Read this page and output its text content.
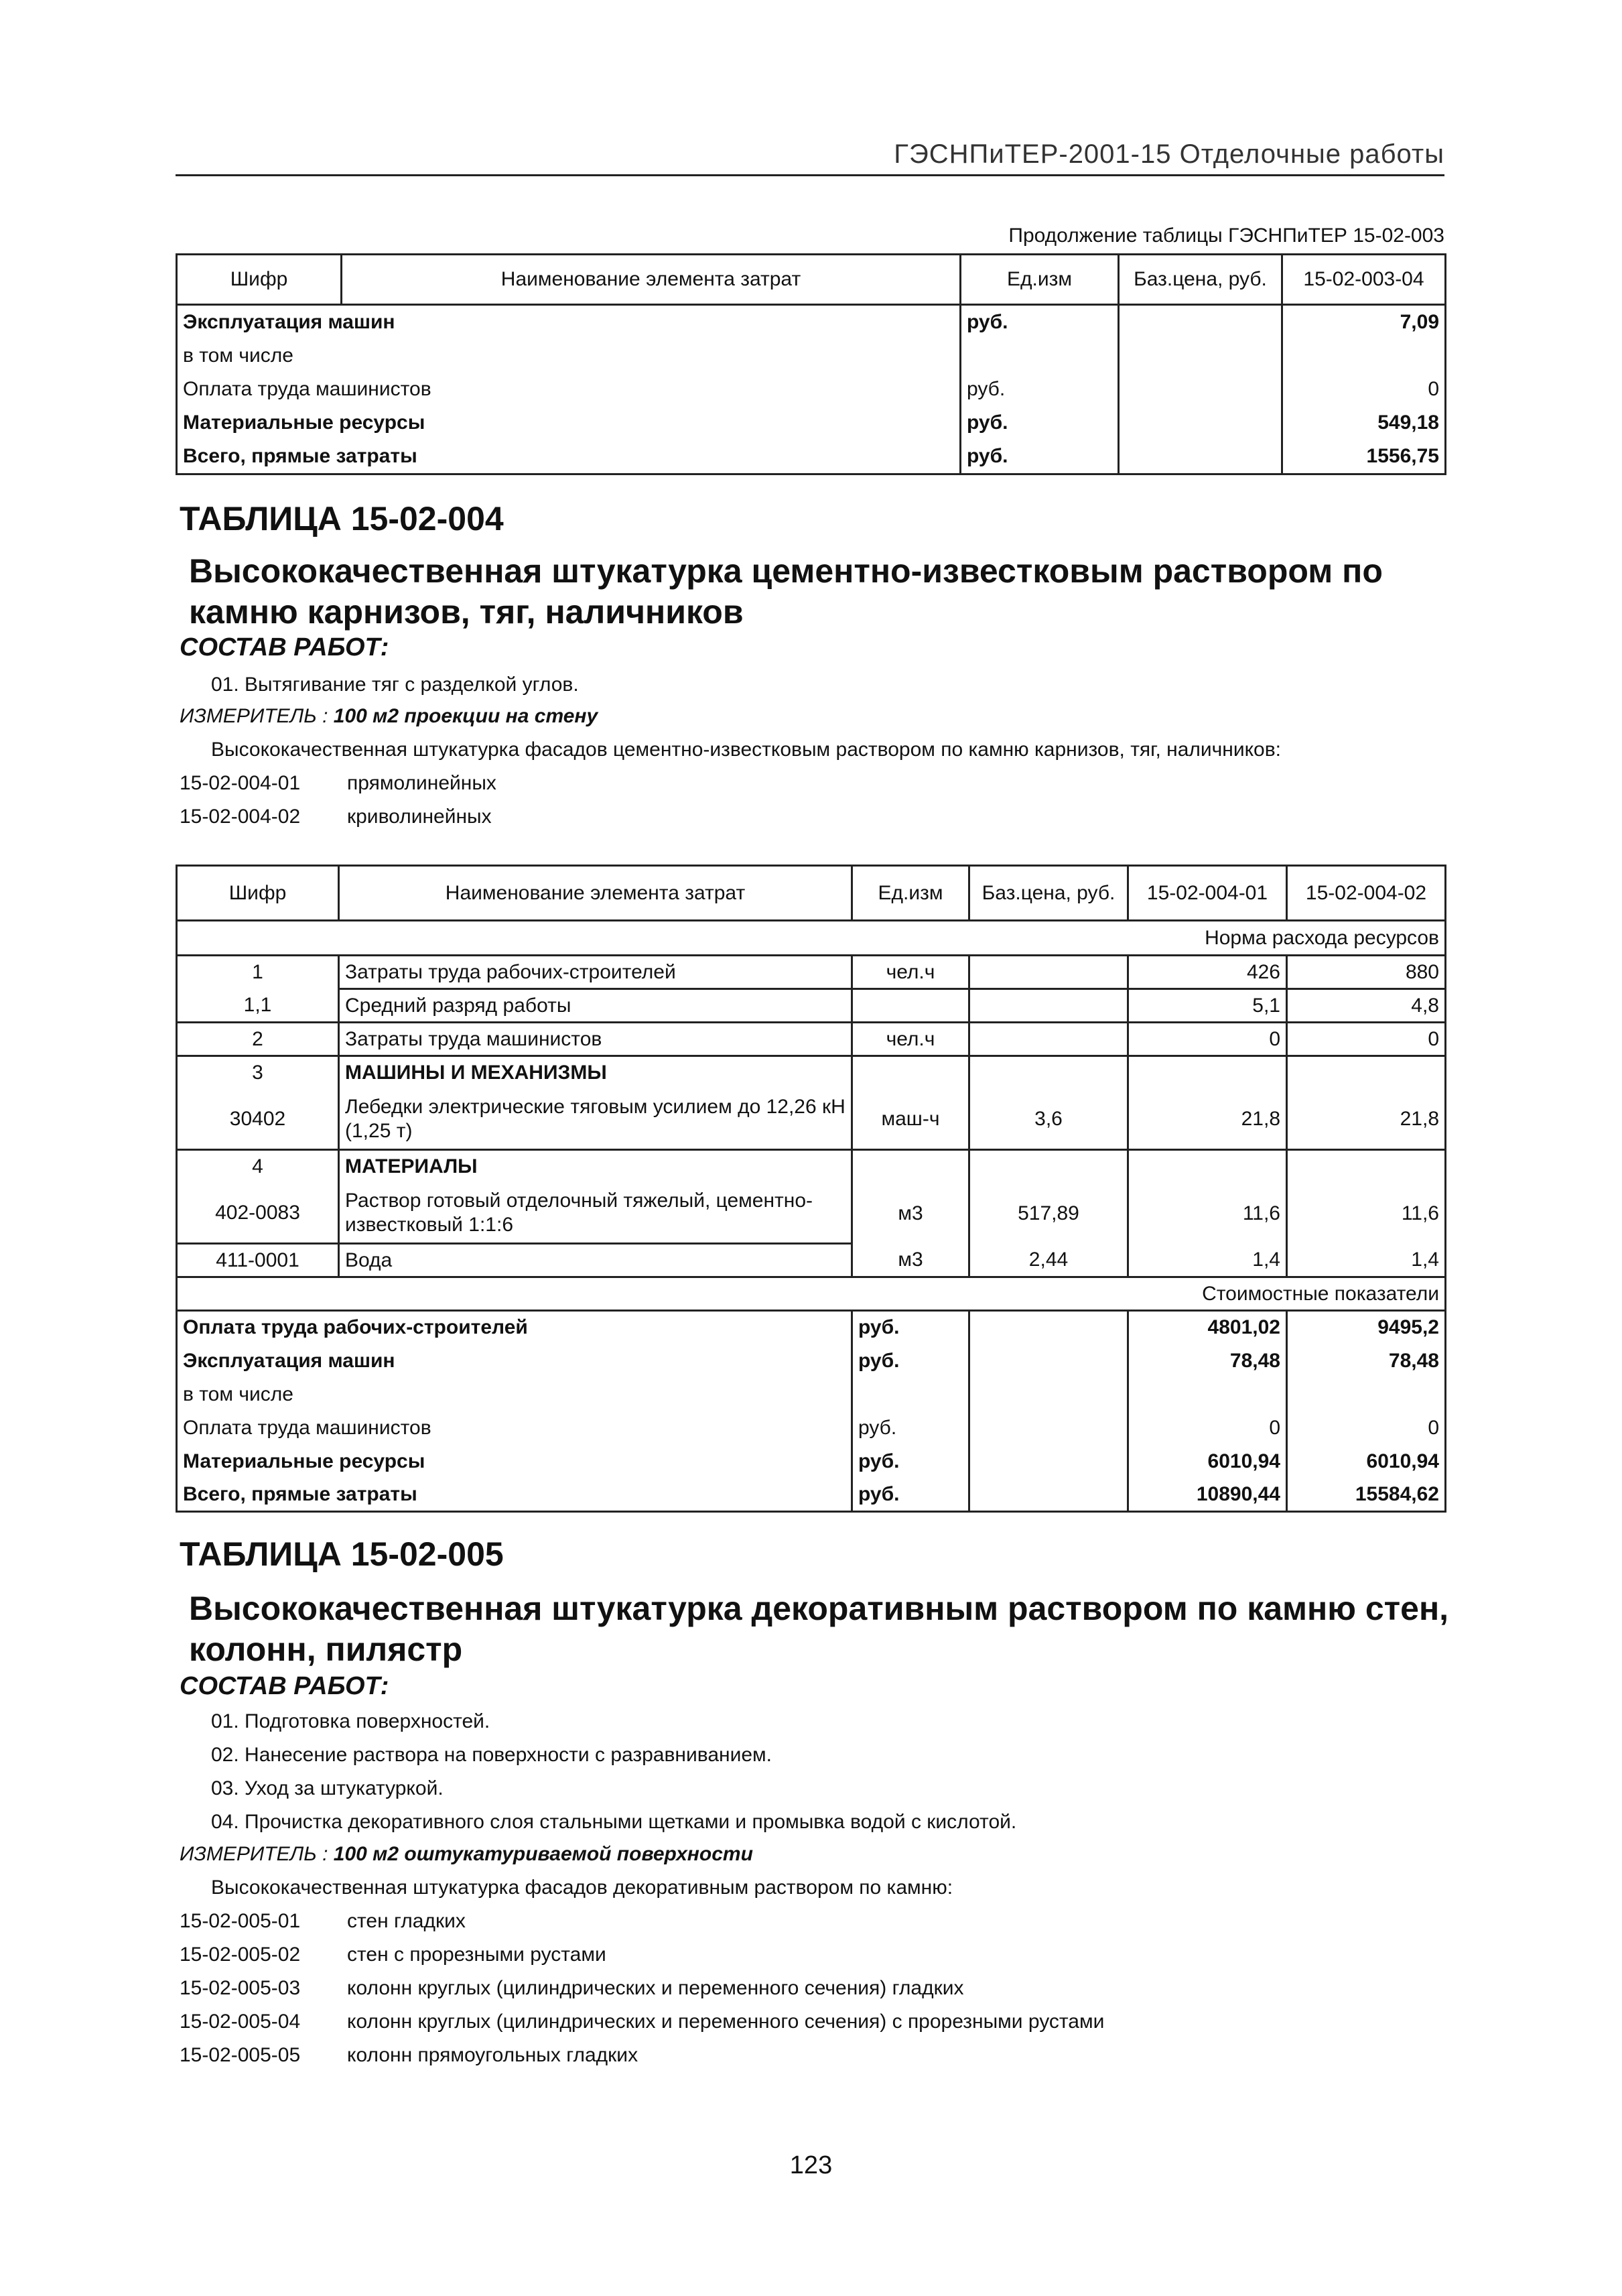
ГЭСНПиТЕР-2001-15 Отделочные работы
Продолжение таблицы ГЭСНПиТЕР 15-02-003
Шифр	Наименование элемента затрат	Ед.изм	Баз.цена, руб.	15-02-003-04
Эксплуатация машин		руб.		7,09
в том числе				
Оплата труда машинистов		руб.		0
Материальные ресурсы		руб.		549,18
Всего, прямые затраты		руб.		1556,75
ТАБЛИЦА 15-02-004
Высококачественная штукатурка цементно-известковым раствором по камню карнизов, тяг, наличников
СОСТАВ РАБОТ:
01. Вытягивание тяг с разделкой углов.
ИЗМЕРИТЕЛЬ : 100 м2 проекции на стену
Высококачественная штукатурка фасадов цементно-известковым раствором по камню карнизов, тяг, наличников:
15-02-004-01 прямолинейных
15-02-004-02 криволинейных
Шифр	Наименование элемента затрат	Ед.изм	Баз.цена, руб.	15-02-004-01	15-02-004-02
Норма расхода ресурсов					
1	Затраты труда рабочих-строителей	чел.ч		426	880
1,1	Средний разряд работы			5,1	4,8
2	Затраты труда машинистов	чел.ч		0	0
3	МАШИНЫ И МЕХАНИЗМЫ				
30402	Лебедки электрические тяговым усилием до 12,26 кН (1,25 т)	маш-ч	3,6	21,8	21,8
4	МАТЕРИАЛЫ				
402-0083	Раствор готовый отделочный тяжелый, цементно-известковый 1:1:6	м3	517,89	11,6	11,6
411-0001	Вода	м3	2,44	1,4	1,4
Стоимостные показатели					
Оплата труда рабочих-строителей		руб.		4801,02	9495,2
Эксплуатация машин		руб.		78,48	78,48
в том числе					
Оплата труда машинистов		руб.		0	0
Материальные ресурсы		руб.		6010,94	6010,94
Всего, прямые затраты		руб.		10890,44	15584,62
ТАБЛИЦА 15-02-005
Высококачественная штукатурка декоративным раствором по камню стен, колонн, пилястр
СОСТАВ РАБОТ:
01. Подготовка поверхностей.
02. Нанесение раствора на поверхности с разравниванием.
03. Уход за штукатуркой.
04. Прочистка декоративного слоя стальными щетками и промывка водой с кислотой.
ИЗМЕРИТЕЛЬ : 100 м2 оштукатуриваемой поверхности
Высококачественная штукатурка фасадов декоративным раствором по камню:
15-02-005-01 стен гладких
15-02-005-02 стен с прорезными рустами
15-02-005-03 колонн круглых (цилиндрических и переменного сечения) гладких
15-02-005-04 колонн круглых (цилиндрических и переменного сечения) с прорезными рустами
15-02-005-05 колонн прямоугольных гладких
123
